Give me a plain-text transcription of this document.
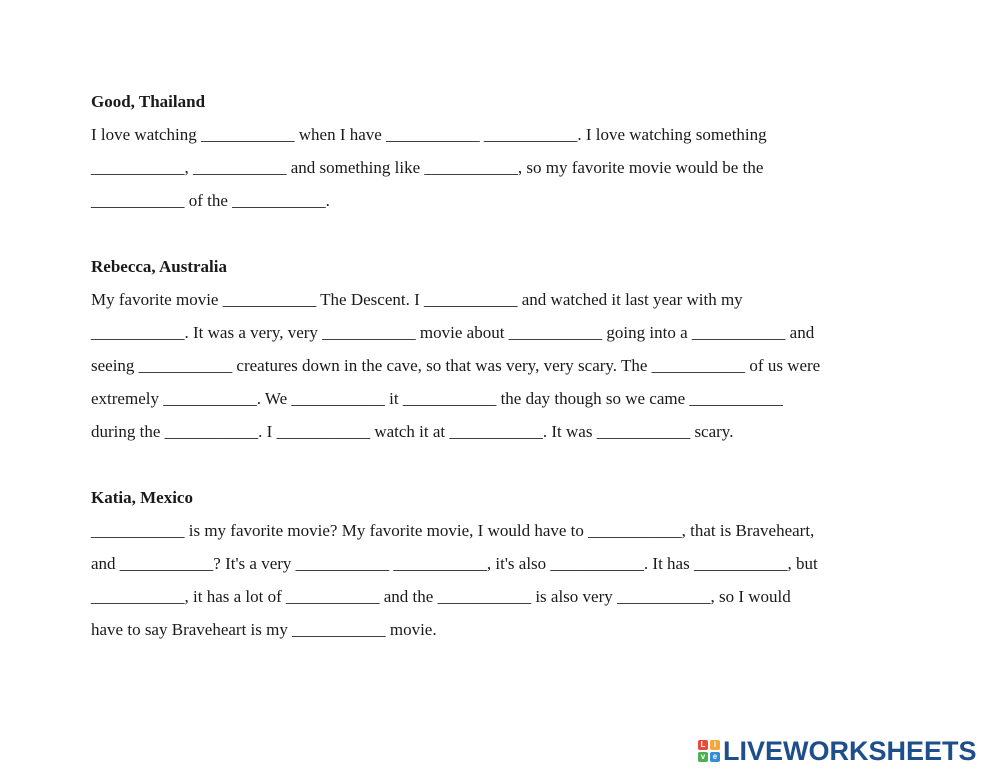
Good, Thailand
I love watching ___________ when I have ___________ ___________. I love watching something
___________, ___________ and something like ___________, so my favorite movie would be the
___________ of the ___________.
Rebecca, Australia
My favorite movie ___________ The Descent. I ___________ and watched it last year with my
___________. It was a very, very ___________ movie about ___________ going into a ___________ and
seeing ___________ creatures down in the cave, so that was very, very scary. The ___________ of us were
extremely ___________. We ___________ it ___________ the day though so we came ___________
during the ___________. I ___________ watch it at ___________. It was ___________ scary.
Katia, Mexico
___________ is my favorite movie? My favorite movie, I would have to ___________, that is Braveheart,
and ___________? It's a very ___________ ___________, it's also ___________. It has ___________, but
___________, it has a lot of ___________ and the ___________ is also very ___________, so I would
have to say Braveheart is my ___________ movie.
L	i
v e LIVEWORKSHEETS
